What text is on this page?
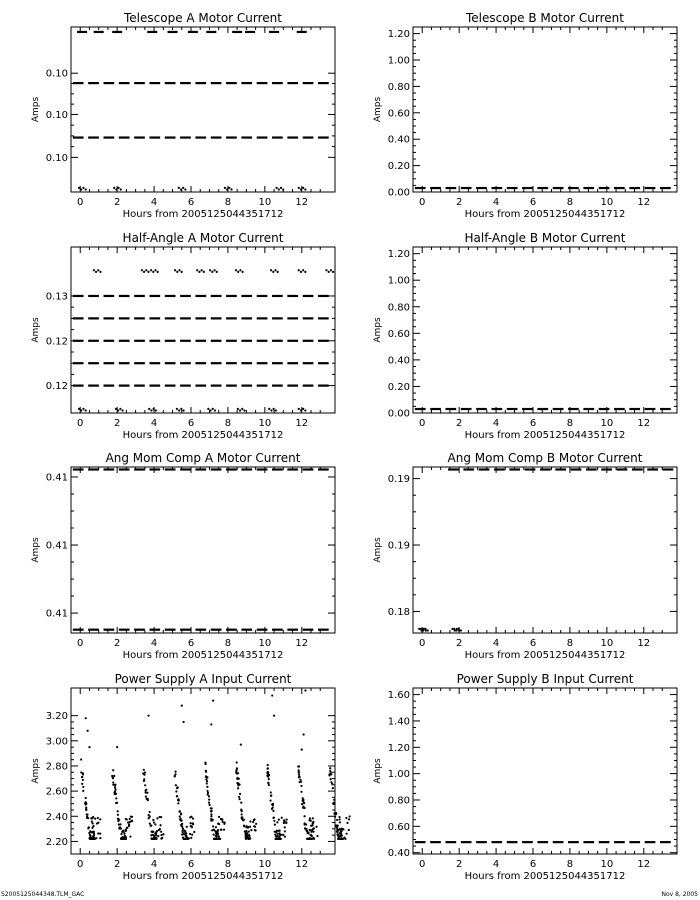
Telescope A Motor Current
Hours from 2005125044351712
Amps
0	2	4	6	8	10 12
0.10
0.10
0.10
Telescope B Motor Current
Hours from 2005125044351712
Amps
0	2	4	6	8	10 12
0.00
0.20
0.40
0.60
0.80
1.00
1.20
Half-Angle A Motor Current
Hours from 2005125044351712
Amps
0	2	4	6	8	10 12
0.13
0.12
0.12
Half-Angle B Motor Current
Hours from 2005125044351712
Amps
0	2	4	6	8	10 12
0.00
0.20
0.40
0.60
0.80
1.00
1.20
Ang Mom Comp A Motor Current
Hours from 2005125044351712
Amps
0	2	4	6	8	10 12
0.41
0.41
0.41
Ang Mom Comp B Motor Current
Hours from 2005125044351712
Amps
0	2	4	6	8	10 12
0.19
0.19
0.18
Power Supply A Input Current
Hours from 2005125044351712
Amps
0	2	4	6	8	10 12
2.20
2.40
2.60
2.80
3.00
3.20
Power Supply B Input Current
Hours from 2005125044351712
Amps
0	2	4	6	8	10 12
0.40
0.60
0.80
1.00
1.20
1.40
1.60
S2005125044348.TLM_GAC	Nov 8, 2005
